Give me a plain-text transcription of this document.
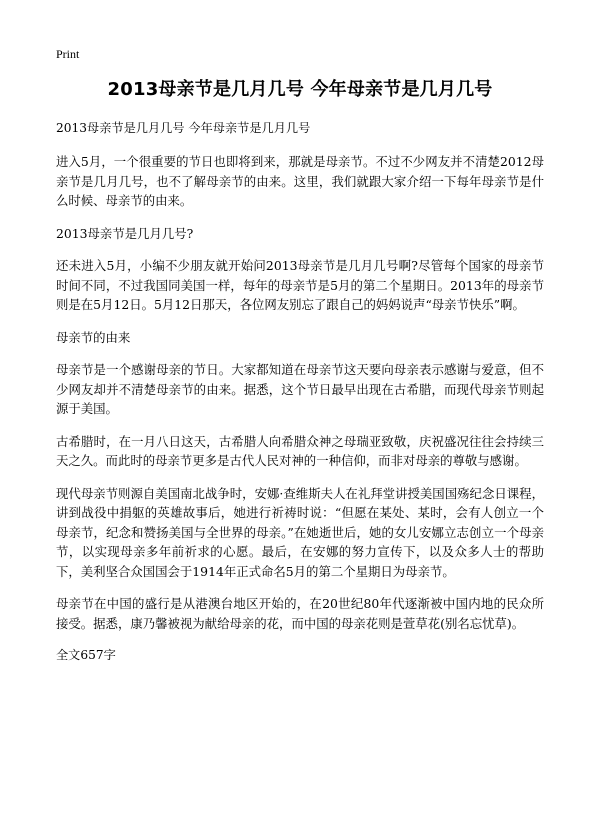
Print
2013母亲节是几月几号 今年母亲节是几月几号

2013母亲节是几月几号 今年母亲节是几月几号

进入5月，一个很重要的节日也即将到来，那就是母亲节。不过不少网友并不清楚2012母亲节是几月几号，也不了解母亲节的由来。这里，我们就跟大家介绍一下每年母亲节是什么时候、母亲节的由来。

2013母亲节是几月几号?

还未进入5月，小编不少朋友就开始问2013母亲节是几月几号啊?尽管每个国家的母亲节时间不同，不过我国同美国一样，每年的母亲节是5月的第二个星期日。2013年的母亲节则是在5月12日。5月12日那天，各位网友别忘了跟自己的妈妈说声“母亲节快乐”啊。

母亲节的由来

母亲节是一个感谢母亲的节日。大家都知道在母亲节这天要向母亲表示感谢与爱意，但不少网友却并不清楚母亲节的由来。据悉，这个节日最早出现在古希腊，而现代母亲节则起源于美国。

古希腊时，在一月八日这天，古希腊人向希腊众神之母瑞亚致敬，庆祝盛况往往会持续三天之久。而此时的母亲节更多是古代人民对神的一种信仰，而非对母亲的尊敬与感谢。

现代母亲节则源自美国南北战争时，安娜·查维斯夫人在礼拜堂讲授美国国殇纪念日课程，讲到战役中捐躯的英雄故事后，她进行祈祷时说：“但愿在某处、某时，会有人创立一个母亲节，纪念和赞扬美国与全世界的母亲。”在她逝世后，她的女儿安娜立志创立一个母亲节，以实现母亲多年前祈求的心愿。最后，在安娜的努力宣传下，以及众多人士的帮助下，美利坚合众国国会于1914年正式命名5月的第二个星期日为母亲节。

母亲节在中国的盛行是从港澳台地区开始的，在20世纪80年代逐渐被中国内地的民众所接受。据悉，康乃馨被视为献给母亲的花，而中国的母亲花则是萱草花(别名忘忧草)。

全文657字
